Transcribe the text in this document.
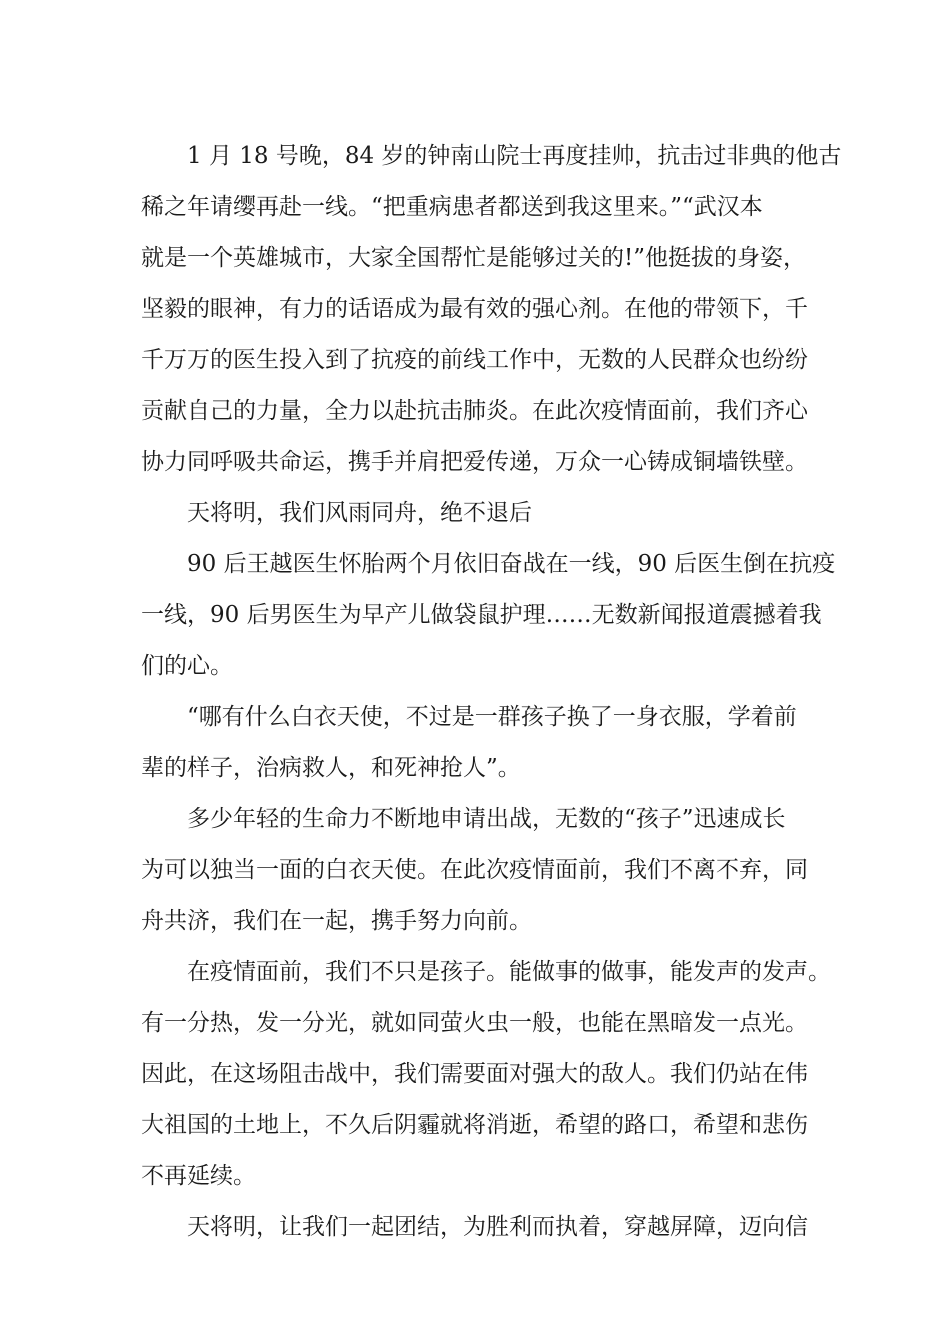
1 月 18 号晚，84 岁的钟南山院士再度挂帅，抗击过非典的他古

稀之年请缨再赴一线。“把重病患者都送到我这里来。”“武汉本

就是一个英雄城市，大家全国帮忙是能够过关的!”他挺拔的身姿，

坚毅的眼神，有力的话语成为最有效的强心剂。在他的带领下，千

千万万的医生投入到了抗疫的前线工作中，无数的人民群众也纷纷

贡献自己的力量，全力以赴抗击肺炎。在此次疫情面前，我们齐心

协力同呼吸共命运，携手并肩把爱传递，万众一心铸成铜墙铁壁。

天将明，我们风雨同舟，绝不退后

90 后王越医生怀胎两个月依旧奋战在一线，90 后医生倒在抗疫

一线，90 后男医生为早产儿做袋鼠护理……无数新闻报道震撼着我

们的心。

“哪有什么白衣天使，不过是一群孩子换了一身衣服，学着前

辈的样子，治病救人，和死神抢人”。

多少年轻的生命力不断地申请出战，无数的“孩子”迅速成长

为可以独当一面的白衣天使。在此次疫情面前，我们不离不弃，同

舟共济，我们在一起，携手努力向前。

在疫情面前，我们不只是孩子。能做事的做事，能发声的发声。

有一分热，发一分光，就如同萤火虫一般，也能在黑暗发一点光。

因此，在这场阻击战中，我们需要面对强大的敌人。我们仍站在伟

大祖国的土地上，不久后阴霾就将消逝，希望的路口，希望和悲伤

不再延续。

天将明，让我们一起团结，为胜利而执着，穿越屏障，迈向信
